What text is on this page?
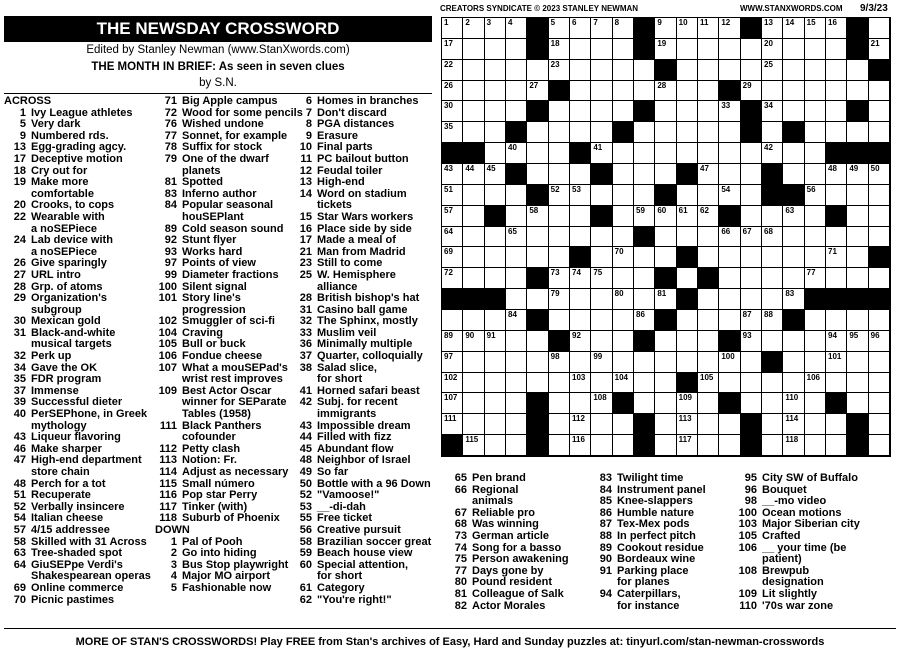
THE NEWSDAY CROSSWORD
Edited by Stanley Newman (www.StanXwords.com)
THE MONTH IN BRIEF: As seen in seven clues
by S.N.
CREATORS SYNDICATE © 2023 STANLEY NEWMAN	WWW.STANXWORDS.COM 9/3/23
ACROSS
1 Ivy League athletes
5 Very dark
9 Numbered rds.
13 Egg-grading agcy.
17 Deceptive motion
18 Cry out for
19 Make more
comfortable
20 Crooks, to cops
22 Wearable with
a noSEPiece
24 Lab device with
a noSEPiece
26 Give sparingly
27 URL intro
28 Grp. of atoms
29 Organization's
subgroup
30 Mexican gold
31 Black-and-white
musical targets
32 Perk up
34 Gave the OK
35 FDR program
37 Immense
39 Successful dieter
40 PerSEPhone, in Greek
mythology
43 Liqueur flavoring
46 Make sharper
47 High-end department
store chain
48 Perch for a tot
51 Recuperate
52 Verbally insincere
54 Italian cheese
57 4/15 addressee
58 Skilled with 31 Across
63 Tree-shaded spot
64 GiuSEPpe Verdi's
Shakespearean operas
69 Online commerce
70 Picnic pastimes
71 Big Apple campus
72 Wood for some pencils
76 Wished undone
77 Sonnet, for example
78 Suffix for stock
79 One of the dwarf
planets
81 Spotted
83 Inferno author
84 Popular seasonal
houSEPlant
89 Cold season sound
92 Stunt flyer
93 Works hard
97 Points of view
99 Diameter fractions
100 Silent signal
101 Story line's
progression
102 Smuggler of sci-fi
104 Craving
105 Bull or buck
106 Fondue cheese
107 What a mouSEPad's
wrist rest improves
109 Best Actor Oscar
winner for SEParate
Tables (1958)
111 Black Panthers
cofounder
112 Petty clash
113 Notion: Fr.
114 Adjust as necessary
115 Small número
116 Pop star Perry
117 Tinker (with)
118 Suburb of Phoenix
DOWN
1 Pal of Pooh
2 Go into hiding
3 Bus Stop playwright
4 Major MO airport
5 Fashionable now
6 Homes in branches
7 Don't discard
8 PGA distances
9 Erasure
10 Final parts
11 PC bailout button
12 Feudal toiler
13 High-end
14 Word on stadium
tickets
15 Star Wars workers
16 Place side by side
17 Made a meal of
21 Man from Madrid
23 Still to come
25 W. Hemisphere
alliance
28 British bishop's hat
31 Casino ball game
32 The Sphinx, mostly
33 Muslim veil
36 Minimally multiple
37 Quarter, colloquially
38 Salad slice,
for short
41 Horned safari beast
42 Subj. for recent
immigrants
43 Impossible dream
44 Filled with fizz
45 Abundant flow
48 Neighbor of Israel
49 So far
50 Bottle with a 96 Down
52 "Vamoose!"
53 __-di-dah
55 Free ticket
56 Creative pursuit
58 Brazilian soccer great
59 Beach house view
60 Special attention,
for short
61 Category
62 "You're right!"
65 Pen brand
66 Regional
animals
67 Reliable pro
68 Was winning
73 German article
74 Song for a basso
75 Person awakening
77 Days gone by
80 Pound resident
81 Colleague of Salk
82 Actor Morales
83 Twilight time
84 Instrument panel
85 Knee-slappers
86 Humble nature
87 Tex-Mex pods
88 In perfect pitch
89 Cookout residue
90 Bordeaux wine
91 Parking place
for planes
94 Caterpillars,
for instance
95 City SW of Buffalo
96 Bouquet
98 __-mo video
100 Ocean motions
103 Major Siberian city
105 Crafted
106 __ your time (be
patient)
108 Brewpub
designation
109 Lit slightly
110 '70s war zone
1 2 3 4	5 6 7 8	9 10 11 12	13 14 15 16
17	18	19	20	21
22	23	25
26	27	28	29
30	33	34
35
40	41	42
43 44 45	47	48 49 50
51	52 53	54	56
57	58	59 60 61 62	63
64	65	66 67 68
69	70	71
72	73 74 75	77
79	80	81	83
84	86	87 88
89 90 91	92	93	94 95 96
97	98	99	100	101
102	103	104	105	106
107	108	109	110
111	112	113	114
115	116	117	118
MORE OF STAN'S CROSSWORDS! Play FREE from Stan's archives of Easy, Hard and Sunday puzzles at: tinyurl.com/stan-newman-crosswords
